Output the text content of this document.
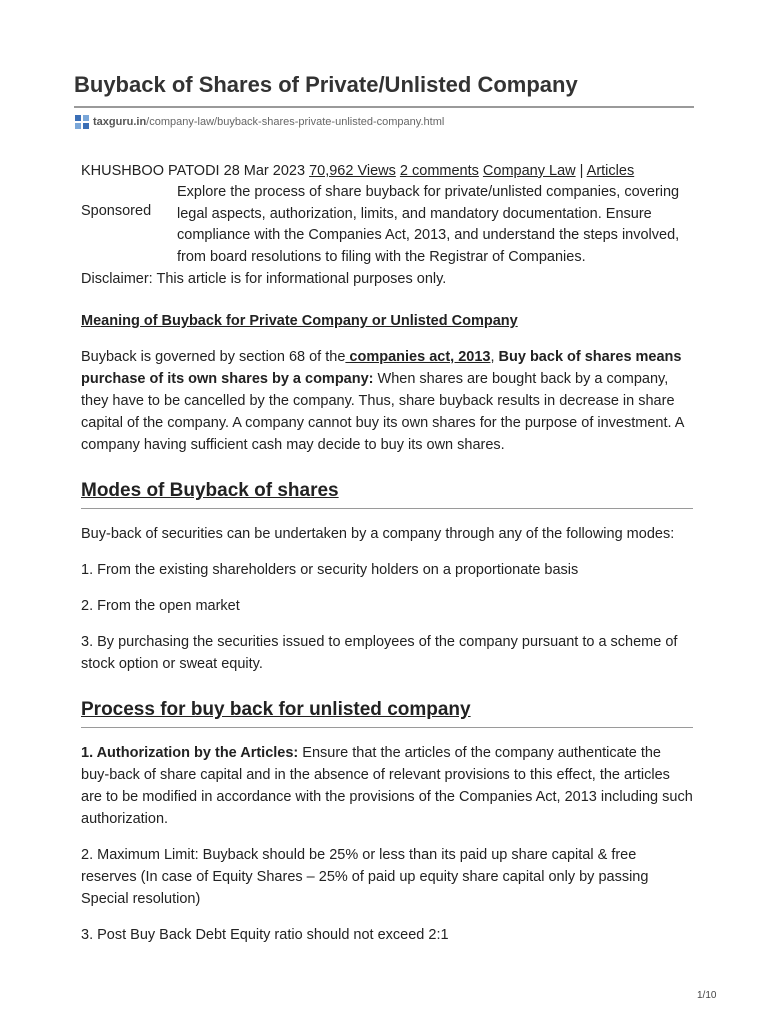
Buyback of Shares of Private/Unlisted Company
taxguru.in /company-law/buyback-shares-private-unlisted-company.html
KHUSHBOO PATODI 28 Mar 2023 70,962 Views 2 comments Company Law | Articles
Sponsored
Explore the process of share buyback for private/unlisted companies, covering legal aspects, authorization, limits, and mandatory documentation. Ensure compliance with the Companies Act, 2013, and understand the steps involved, from board resolutions to filing with the Registrar of Companies.
Disclaimer: This article is for informational purposes only.
Meaning of Buyback for Private Company or Unlisted Company

Buyback is governed by section 68 of the companies act, 2013, Buy back of shares means purchase of its own shares by a company: When shares are bought back by a company, they have to be cancelled by the company. Thus, share buyback results in decrease in share capital of the company. A company cannot buy its own shares for the purpose of investment. A company having sufficient cash may decide to buy its own shares.

Modes of Buyback of shares

Buy-back of securities can be undertaken by a company through any of the following modes:

1. From the existing shareholders or security holders on a proportionate basis

2. From the open market

3. By purchasing the securities issued to employees of the company pursuant to a scheme of stock option or sweat equity.

Process for buy back for unlisted company

1. Authorization by the Articles: Ensure that the articles of the company authenticate the buy-back of share capital and in the absence of relevant provisions to this effect, the articles are to be modified in accordance with the provisions of the Companies Act, 2013 including such authorization.

2. Maximum Limit: Buyback should be 25% or less than its paid up share capital & free reserves (In case of Equity Shares – 25% of paid up equity share capital only by passing Special resolution)

3. Post Buy Back Debt Equity ratio should not exceed 2:1

1/10
